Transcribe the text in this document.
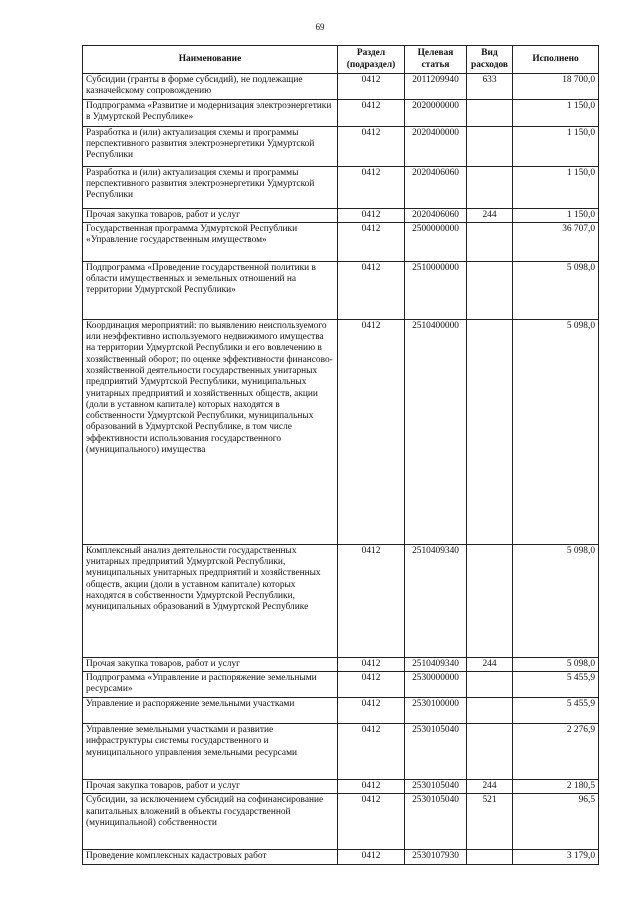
69
Наименование	Раздел (подраздел)	Целевая статья	Вид расходов	Исполнено
Субсидии (гранты в форме субсидий), не подлежащие казначейскому сопровождению	0412	2011209940	633	18 700,0
Подпрограмма «Развитие и модернизация электроэнергетики в Удмуртской Республике»	0412	2020000000		1 150,0
Разработка и (или) актуализация схемы и программы перспективного развития электроэнергетики Удмуртской Республики	0412	2020400000		1 150,0
Разработка и (или) актуализация схемы и программы перспективного развития электроэнергетики Удмуртской Республики	0412	2020406060		1 150,0
Прочая закупка товаров, работ и услуг	0412	2020406060	244	1 150,0
Государственная программа Удмуртской Республики «Управление государственным имуществом»	0412	2500000000		36 707,0
Подпрограмма «Проведение государственной политики в области имущественных и земельных отношений на территории Удмуртской Республики»	0412	2510000000		5 098,0
Координация мероприятий: по выявлению неиспользуемого или неэффективно используемого недвижимого имущества на территории Удмуртской Республики и его вовлечению в хозяйственный оборот; по оценке эффективности финансово-хозяйственной деятельности государственных унитарных предприятий Удмуртской Республики, муниципальных унитарных предприятий и хозяйственных обществ, акции (доли в уставном капитале) которых находятся в собственности Удмуртской Республики, муниципальных образований в Удмуртской Республике, в том числе эффективности использования государственного (муниципального) имущества	0412	2510400000		5 098,0
Комплексный анализ деятельности государственных унитарных предприятий Удмуртской Республики, муниципальных унитарных предприятий и хозяйственных обществ, акции (доли в уставном капитале) которых находятся в собственности Удмуртской Республики, муниципальных образований в Удмуртской Республике	0412	2510409340		5 098,0
Прочая закупка товаров, работ и услуг	0412	2510409340	244	5 098,0
Подпрограмма «Управление и распоряжение земельными ресурсами»	0412	2530000000		5 455,9
Управление и распоряжение земельными участками	0412	2530100000		5 455,9
Управление земельными участками и развитие инфраструктуры системы государственного и муниципального управления земельными ресурсами	0412	2530105040		2 276,9
Прочая закупка товаров, работ и услуг	0412	2530105040	244	2 180,5
Субсидии, за исключением субсидий на софинансирование капитальных вложений в объекты государственной (муниципальной) собственности	0412	2530105040	521	96,5
Проведение комплексных кадастровых работ	0412	2530107930		3 179,0
